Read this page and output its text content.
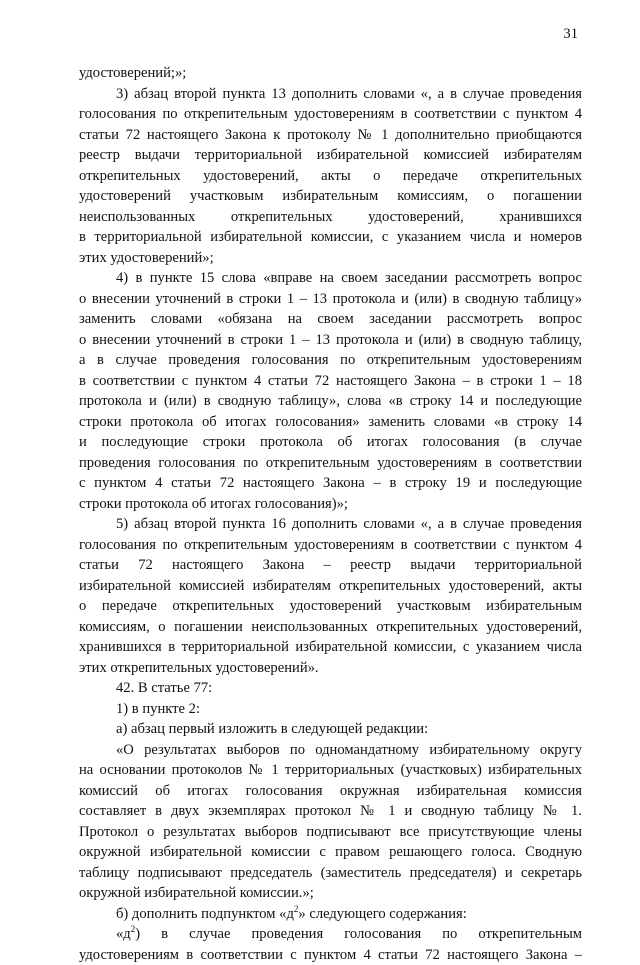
31
удостоверений;»;
3) абзац второй пункта 13 дополнить словами «, а в случае проведения
голосования по открепительным удостоверениям в соответствии с пунктом 4
статьи 72 настоящего Закона к протоколу № 1 дополнительно приобщаются
реестр выдачи территориальной избирательной комиссией избирателям
открепительных удостоверений, акты о передаче открепительных
удостоверений участковым избирательным комиссиям, о погашении
неиспользованных открепительных удостоверений, хранившихся
в территориальной избирательной комиссии, с указанием числа и номеров
этих удостоверений»;
4) в пункте 15 слова «вправе на своем заседании рассмотреть вопрос
о внесении уточнений в строки 1 – 13 протокола и (или) в сводную таблицу»
заменить словами «обязана на своем заседании рассмотреть вопрос
о внесении уточнений в строки 1 – 13 протокола и (или) в сводную таблицу,
а в случае проведения голосования по открепительным удостоверениям
в соответствии с пунктом 4 статьи 72 настоящего Закона – в строки 1 – 18
протокола и (или) в сводную таблицу», слова «в строку 14 и последующие
строки протокола об итогах голосования» заменить словами «в строку 14
и последующие строки протокола об итогах голосования (в случае
проведения голосования по открепительным удостоверениям в соответствии
с пунктом 4 статьи 72 настоящего Закона – в строку 19 и последующие
строки протокола об итогах голосования)»;
5) абзац второй пункта 16 дополнить словами «, а в случае проведения
голосования по открепительным удостоверениям в соответствии с пунктом 4
статьи 72 настоящего Закона – реестр выдачи территориальной
избирательной комиссией избирателям открепительных удостоверений, акты
о передаче открепительных удостоверений участковым избирательным
комиссиям, о погашении неиспользованных открепительных удостоверений,
хранившихся в территориальной избирательной комиссии, с указанием числа
этих открепительных удостоверений».
42. В статье 77:
1) в пункте 2:
а) абзац первый изложить в следующей редакции:
«О результатах выборов по одномандатному избирательному округу
на основании протоколов № 1 территориальных (участковых) избирательных
комиссий об итогах голосования окружная избирательная комиссия
составляет в двух экземплярах протокол № 1 и сводную таблицу № 1.
Протокол о результатах выборов подписывают все присутствующие члены
окружной избирательной комиссии с правом решающего голоса. Сводную
таблицу подписывают председатель (заместитель председателя) и секретарь
окружной избирательной комиссии.»;
б) дополнить подпунктом «$д^2$» следующего содержания:
«$д^2$) в случае проведения голосования по открепительным
удостоверениям в соответствии с пунктом 4 статьи 72 настоящего Закона –
